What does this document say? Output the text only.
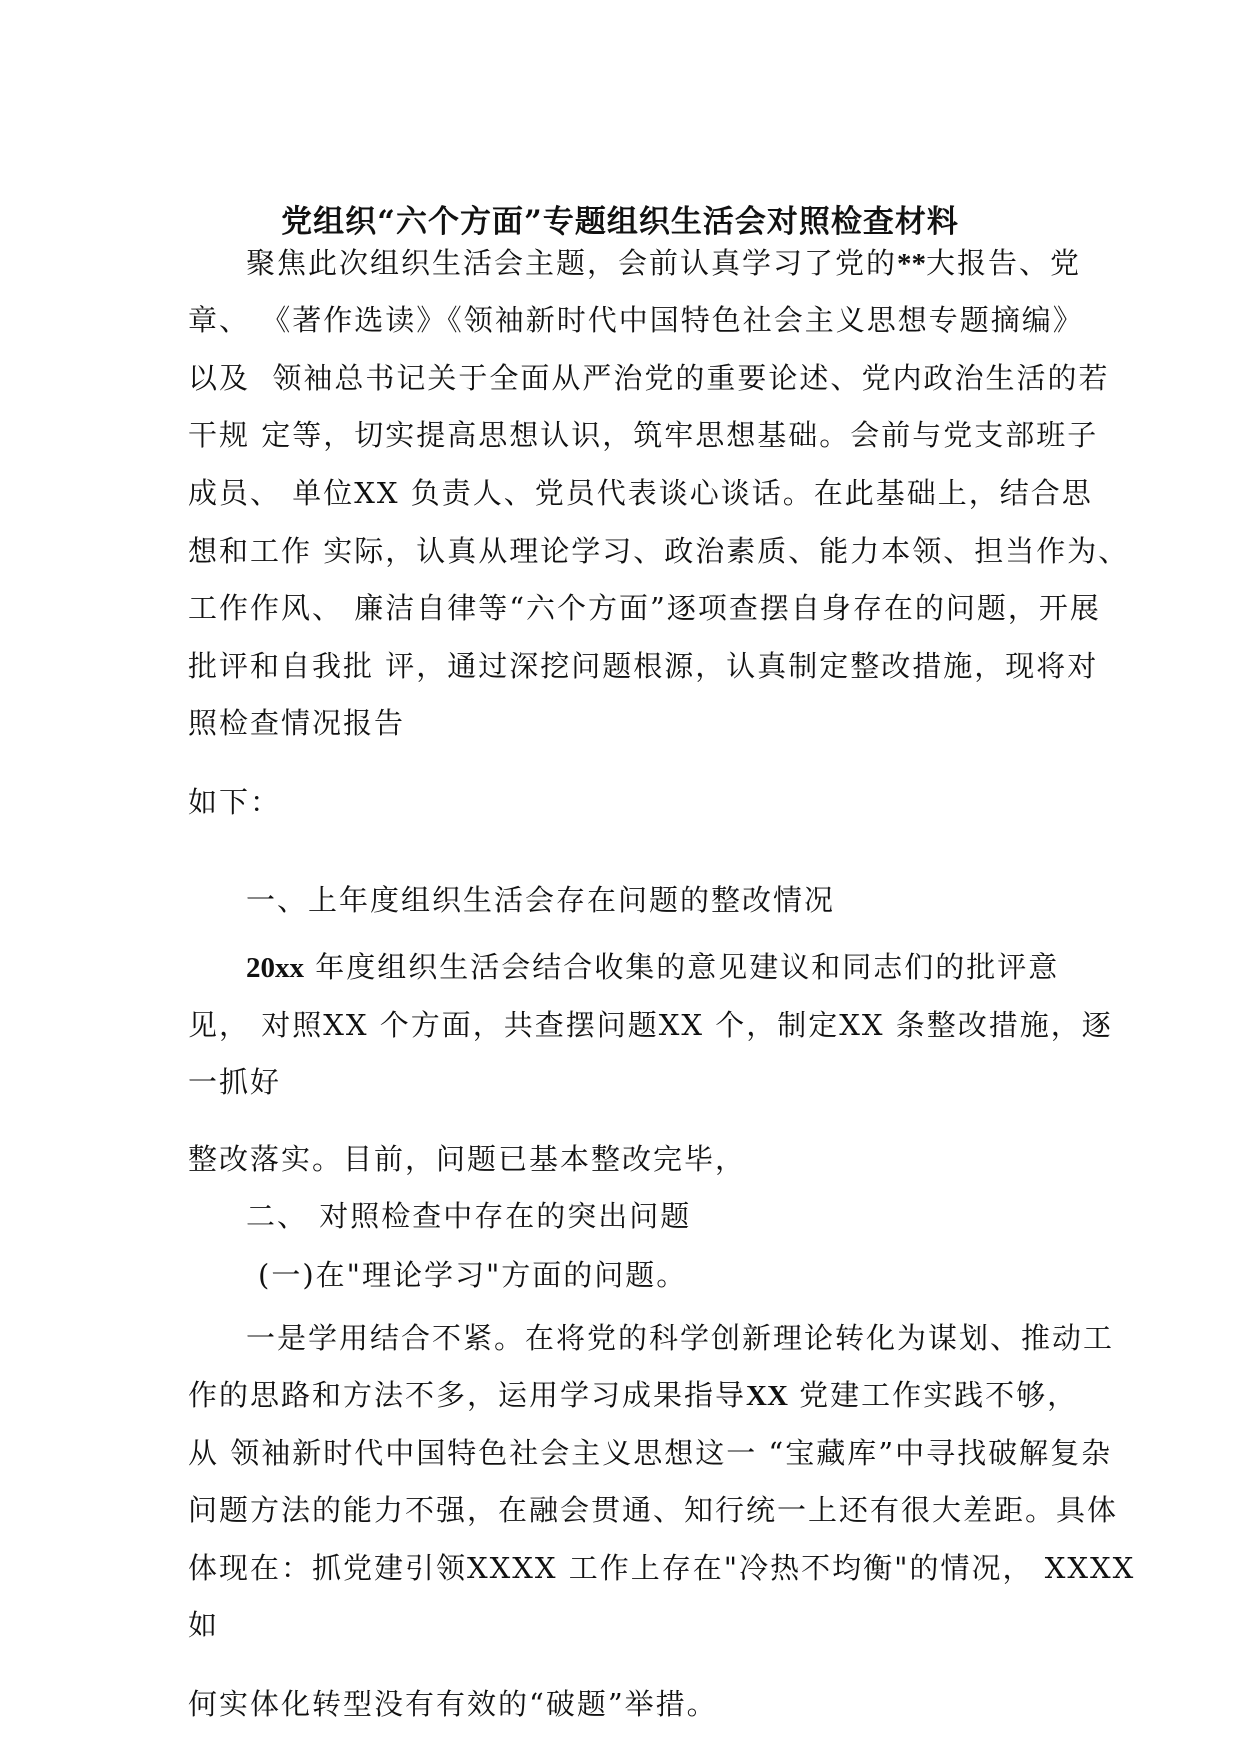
党组织“六个方面”专题组织生活会对照检查材料
聚焦此次组织生活会主题，会前认真学习了党的**大报告、党
章、 《著作选读》《领袖新时代中国特色社会主义思想专题摘编》
以及  领袖总书记关于全面从严治党的重要论述、党内政治生活的若
干规 定等，切实提高思想认识，筑牢思想基础。会前与党支部班子
成员、 单位XX 负责人、党员代表谈心谈话。在此基础上，结合思
想和工作 实际，认真从理论学习、政治素质、能力本领、担当作为、
工作作风、 廉洁自律等“六个方面”逐项查摆自身存在的问题，开展
批评和自我批 评，通过深挖问题根源，认真制定整改措施，现将对
照检查情况报告
如下：
一、上年度组织生活会存在问题的整改情况
20xx 年度组织生活会结合收集的意见建议和同志们的批评意
见， 对照XX 个方面，共查摆问题XX 个，制定XX 条整改措施，逐
一抓好
整改落实。目前，问题已基本整改完毕，
二、 对照检查中存在的突出问题
(一)在"理论学习"方面的问题。
一是学用结合不紧。在将党的科学创新理论转化为谋划、推动工
作的思路和方法不多，运用学习成果指导XX 党建工作实践不够，
从 领袖新时代中国特色社会主义思想这一 “宝藏库”中寻找破解复杂
问题方法的能力不强，在融会贯通、知行统一上还有很大差距。具体
体现在：抓党建引领XXXX 工作上存在"冷热不均衡"的情况， XXXX
如
何实体化转型没有有效的“破题”举措。
